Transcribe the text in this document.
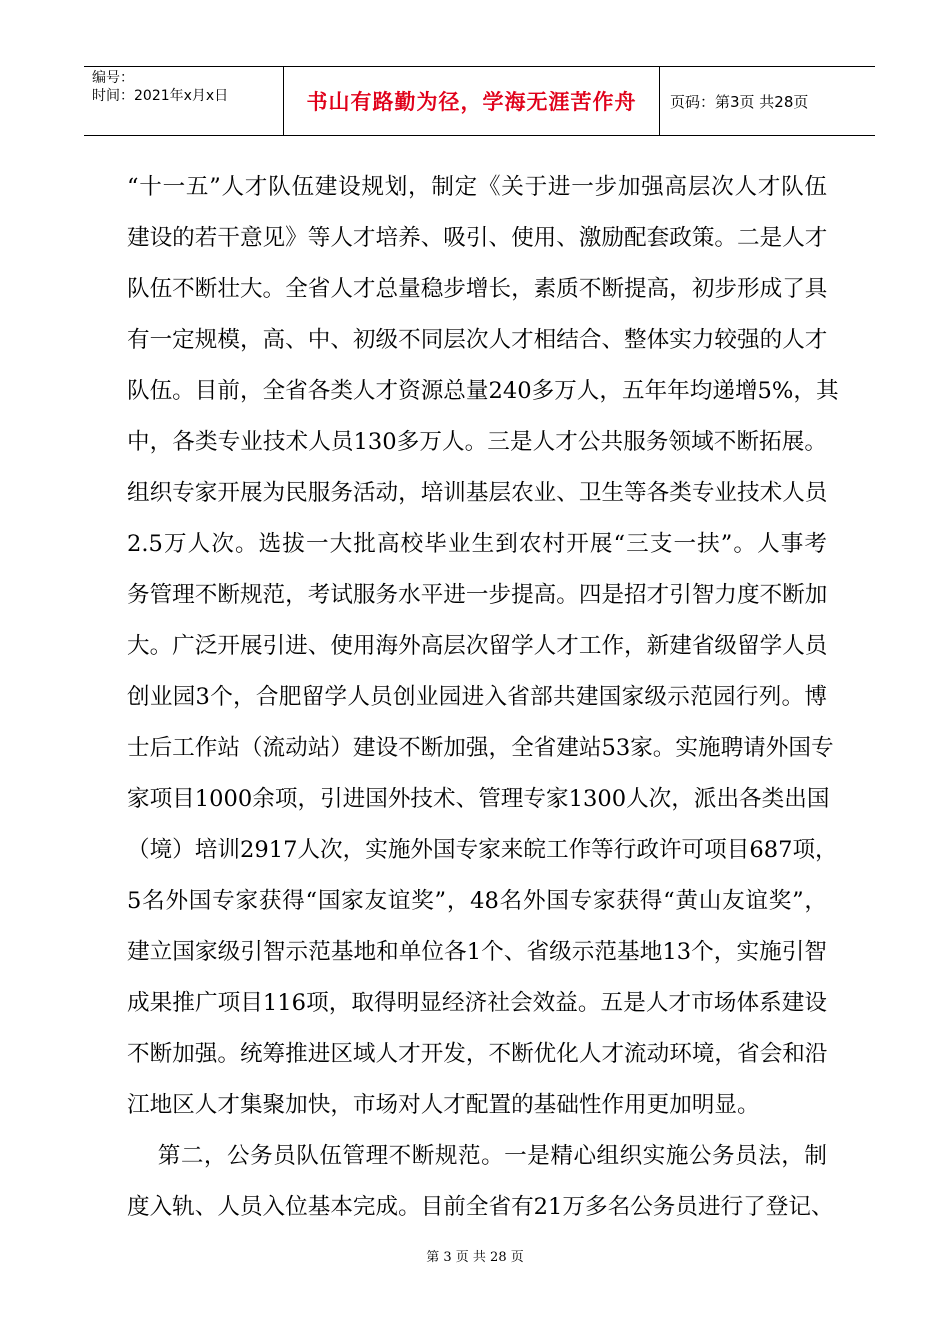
编号：
时间：2021年x月x日	书山有路勤为径，学海无涯苦作舟	页码：第3页 共28页
“十一五”人才队伍建设规划，制定《关于进一步加强高层次人才队伍
建设的若干意见》等人才培养、吸引、使用、激励配套政策。二是人才
队伍不断壮大。全省人才总量稳步增长，素质不断提高，初步形成了具
有一定规模，高、中、初级不同层次人才相结合、整体实力较强的人才
队伍。目前，全省各类人才资源总量240多万人，五年年均递增5%，其
中，各类专业技术人员130多万人。三是人才公共服务领域不断拓展。
组织专家开展为民服务活动，培训基层农业、卫生等各类专业技术人员
2.5万人次。选拔一大批高校毕业生到农村开展“三支一扶”。人事考
务管理不断规范，考试服务水平进一步提高。四是招才引智力度不断加
大。广泛开展引进、使用海外高层次留学人才工作，新建省级留学人员
创业园3个，合肥留学人员创业园进入省部共建国家级示范园行列。博
士后工作站（流动站）建设不断加强，全省建站53家。实施聘请外国专
家项目1000余项，引进国外技术、管理专家1300人次，派出各类出国
（境）培训2917人次，实施外国专家来皖工作等行政许可项目687项，
5名外国专家获得“国家友谊奖”，48名外国专家获得“黄山友谊奖”，
建立国家级引智示范基地和单位各1个、省级示范基地13个，实施引智
成果推广项目116项，取得明显经济社会效益。五是人才市场体系建设
不断加强。统筹推进区域人才开发，不断优化人才流动环境，省会和沿
江地区人才集聚加快，市场对人才配置的基础性作用更加明显。
第二，公务员队伍管理不断规范。一是精心组织实施公务员法，制
度入轨、人员入位基本完成。目前全省有21万多名公务员进行了登记、
第 3 页 共 28 页
